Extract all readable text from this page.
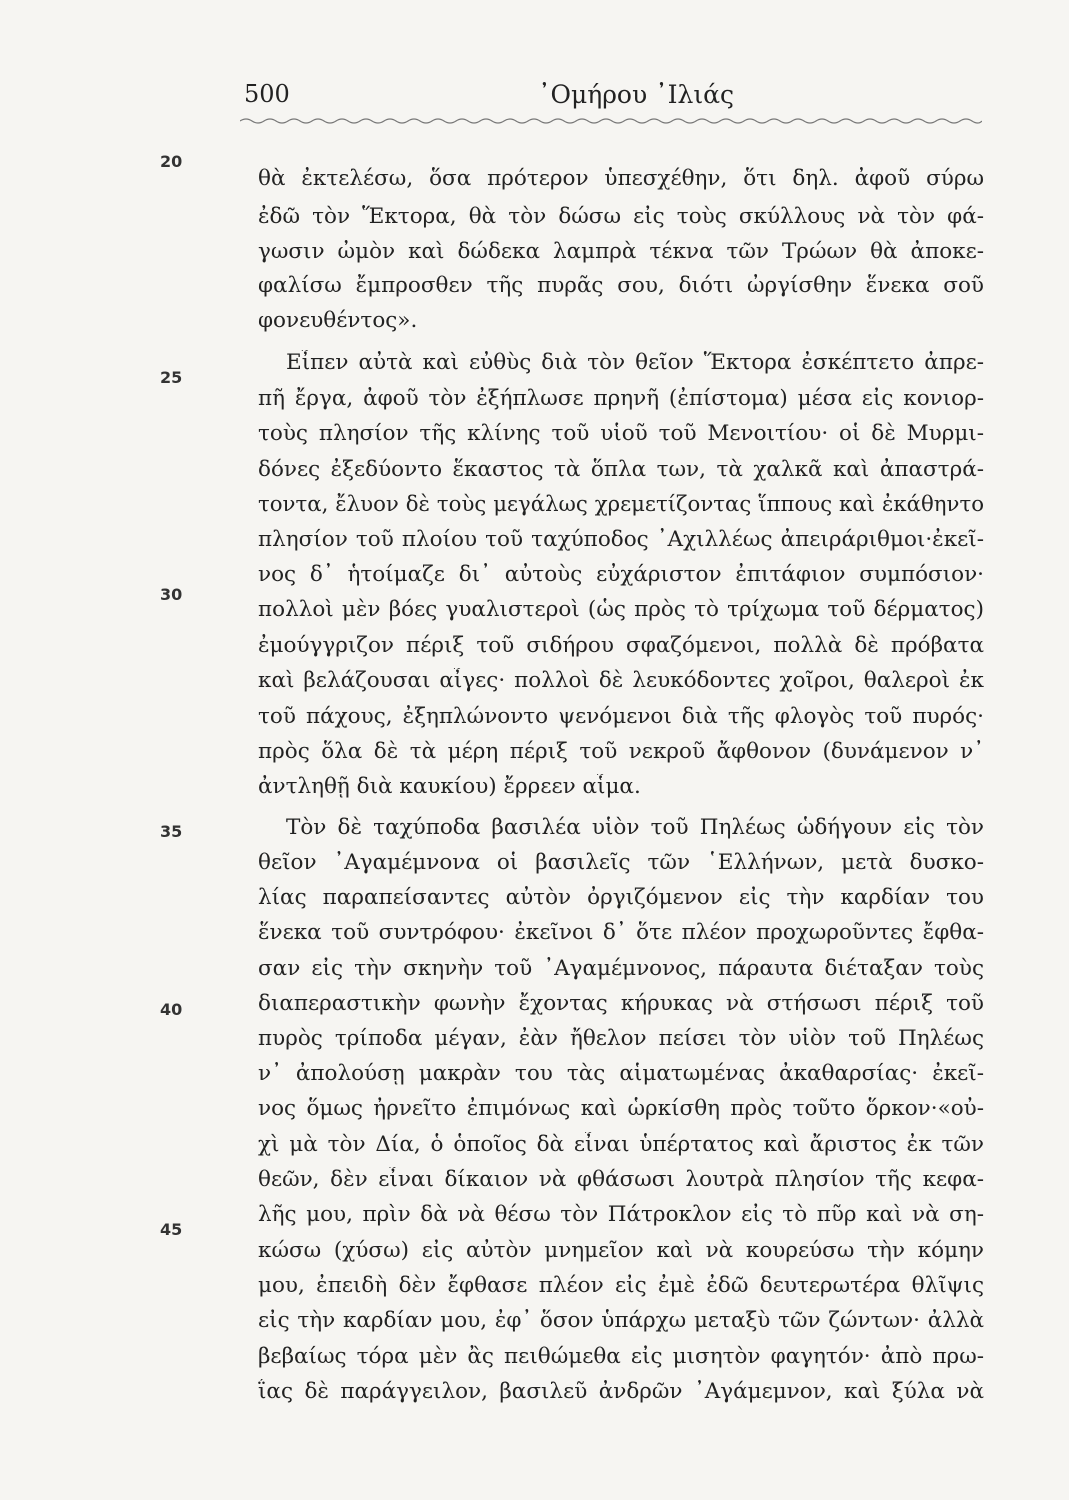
500	᾿Ομήρου ᾿Ιλιάς
20
25
30
35
40
45
θὰ ἐκτελέσω, ὅσα πρότερον ὑπεσχέθην, ὅτι δηλ. ἀφοῦ σύρω
ἐδῶ τὸν Ἕκτορα, θὰ τὸν δώσω εἰς τοὺς σκύλλους νὰ τὸν φά-
γωσιν ὠμὸν καὶ δώδεκα λαμπρὰ τέκνα τῶν Τρώων θὰ ἀποκε-
φαλίσω ἔμπροσθεν τῆς πυρᾶς σου, διότι ὠργίσθην ἕνεκα σοῦ
φονευθέντος».
Εἶπεν αὐτὰ καὶ εὐθὺς διὰ τὸν θεῖον Ἕκτορα ἐσκέπτετο ἀπρε-
πῆ ἔργα, ἀφοῦ τὸν ἐξήπλωσε πρηνῆ (ἐπίστομα) μέσα εἰς κονιορ-
τοὺς πλησίον τῆς κλίνης τοῦ υἱοῦ τοῦ Μενοιτίου· οἱ δὲ Μυρμι-
δόνες ἐξεδύοντο ἕκαστος τὰ ὅπλα των, τὰ χαλκᾶ καὶ ἀπαστρά-
τοντα, ἔλυον δὲ τοὺς μεγάλως χρεμετίζοντας ἵππους καὶ ἐκάθηντο
πλησίον τοῦ πλοίου τοῦ ταχύποδος ᾿Αχιλλέως ἀπειράριθμοι·ἐκεῖ-
νος δ᾿ ἡτοίμαζε δι᾿ αὐτοὺς εὐχάριστον ἐπιτάφιον συμπόσιον·
πολλοὶ μὲν βόες γυαλιστεροὶ (ὡς πρὸς τὸ τρίχωμα τοῦ δέρματος)
ἐμούγγριζον πέριξ τοῦ σιδήρου σφαζόμενοι, πολλὰ δὲ πρόβατα
καὶ βελάζουσαι αἶγες· πολλοὶ δὲ λευκόδοντες χοῖροι, θαλεροὶ ἐκ
τοῦ πάχους, ἐξηπλώνοντο ψενόμενοι διὰ τῆς φλογὸς τοῦ πυρός·
πρὸς ὅλα δὲ τὰ μέρη πέριξ τοῦ νεκροῦ ἄφθονον (δυνάμενον ν᾿
ἀντληθῇ διὰ καυκίου) ἔρρεεν αἷμα.
Τὸν δὲ ταχύποδα βασιλέα υἱὸν τοῦ Πηλέως ὡδήγουν εἰς τὸν
θεῖον ᾿Αγαμέμνονα οἱ βασιλεῖς τῶν ῾Ελλήνων, μετὰ δυσκο-
λίας παραπείσαντες αὐτὸν ὀργιζόμενον εἰς τὴν καρδίαν του
ἕνεκα τοῦ συντρόφου· ἐκεῖνοι δ᾿ ὅτε πλέον προχωροῦντες ἔφθα-
σαν εἰς τὴν σκηνὴν τοῦ ᾿Αγαμέμνονος, πάραυτα διέταξαν τοὺς
διαπεραστικὴν φωνὴν ἔχοντας κήρυκας νὰ στήσωσι πέριξ τοῦ
πυρὸς τρίποδα μέγαν, ἐὰν ἤθελον πείσει τὸν υἱὸν τοῦ Πηλέως
ν᾿ ἀπολούσῃ μακρὰν του τὰς αἱματωμένας ἀκαθαρσίας· ἐκεῖ-
νος ὅμως ἠρνεῖτο ἐπιμόνως καὶ ὡρκίσθη πρὸς τοῦτο ὅρκον·«οὐ-
χὶ μὰ τὸν Δία, ὁ ὁποῖος δὰ εἶναι ὑπέρτατος καὶ ἄριστος ἐκ τῶν
θεῶν, δὲν εἶναι δίκαιον νὰ φθάσωσι λουτρὰ πλησίον τῆς κεφα-
λῆς μου, πρὶν δὰ νὰ θέσω τὸν Πάτροκλον εἰς τὸ πῦρ καὶ νὰ ση-
κώσω (χύσω) εἰς αὐτὸν μνημεῖον καὶ νὰ κουρεύσω τὴν κόμην
μου, ἐπειδὴ δὲν ἔφθασε πλέον εἰς ἐμὲ ἐδῶ δευτερωτέρα θλῖψις
εἰς τὴν καρδίαν μου, ἐφ᾿ ὅσον ὑπάρχω μεταξὺ τῶν ζώντων· ἀλλὰ
βεβαίως τόρα μὲν ἂς πειθώμεθα εἰς μισητὸν φαγητόν· ἀπὸ πρω-
ΐας δὲ παράγγειλον, βασιλεῦ ἀνδρῶν ᾿Αγάμεμνον, καὶ ξύλα νὰ
